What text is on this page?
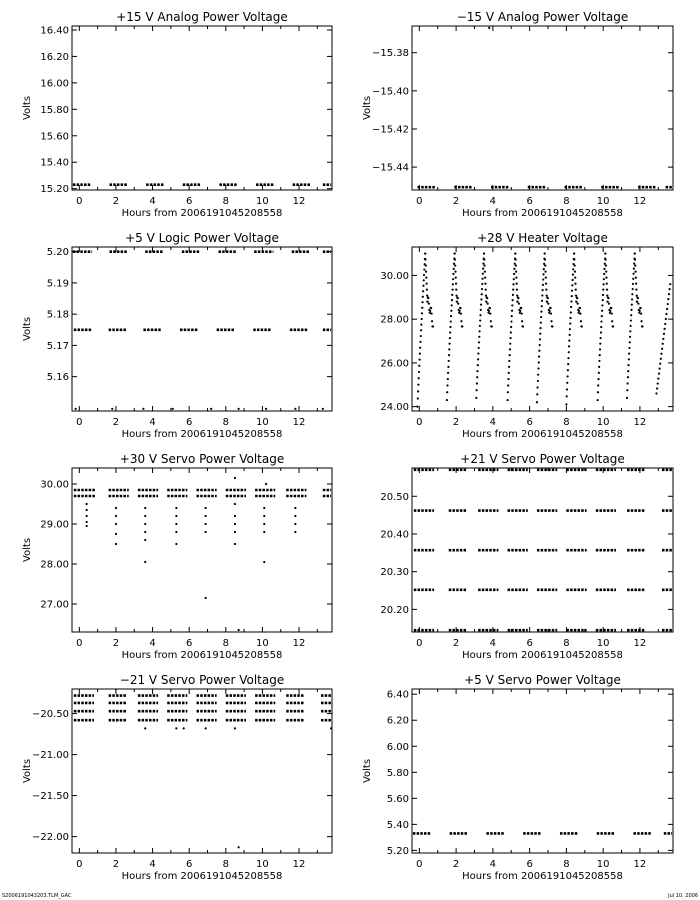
+15 V Analog Power Voltage
0	2	4	6	8	10 12
15.20
15.40
15.60
15.80
16.00
16.20
16.40
Hours from 2006191045208558
Volts
−15 V Analog Power Voltage
0	2	4	6	8	10 12
−15.44
−15.42
−15.40
−15.38
Hours from 2006191045208558
Volts
+5 V Logic Power Voltage
0	2	4	6	8	10 12
5.16
5.17
5.18
5.19
5.20
Hours from 2006191045208558
Volts
+28 V Heater Voltage
0	2	4	6	8	10 12
24.00
26.00
28.00
30.00
Hours from 2006191045208558
+30 V Servo Power Voltage
0	2	4	6	8	10 12
27.00
28.00
29.00
30.00
Hours from 2006191045208558
Volts
+21 V Servo Power Voltage
0	2	4	6	8	10 12
20.20
20.30
20.40
20.50
Hours from 2006191045208558
−21 V Servo Power Voltage
0	2	4	6	8	10 12
−22.00
−21.50
−21.00
−20.50
Hours from 2006191045208558
Volts
+5 V Servo Power Voltage
0	2	4	6	8	10 12
5.20
5.40
5.60
5.80
6.00
6.20
6.40
Hours from 2006191045208558
Volts
S2006191043203.TLM_GAC	Jul 10, 2006
